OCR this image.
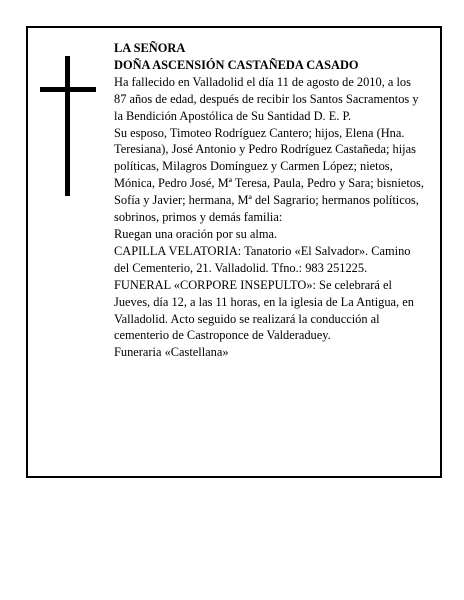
LA SEÑORA

DOÑA ASCENSIÓN CASTAÑEDA CASADO

Ha fallecido en Valladolid el día 11 de agosto de 2010, a los 87 años de edad, después de recibir los Santos Sacramentos y la Bendición Apostólica de Su Santidad D. E. P.

Su esposo, Timoteo Rodríguez Cantero; hijos, Elena (Hna. Teresiana), José Antonio y Pedro Rodríguez Castañeda; hijas políticas, Milagros Domínguez y Carmen López; nietos, Mónica, Pedro José, Mª Teresa, Paula, Pedro y Sara; bisnietos, Sofía y Javier; hermana, Mª del Sagrario; hermanos políticos, sobrinos, primos y demás familia:

Ruegan una oración por su alma.

CAPILLA VELATORIA: Tanatorio «El Salvador». Camino del Cementerio, 21. Valladolid. Tfno.: 983 251225.

FUNERAL «CORPORE INSEPULTO»: Se celebrará el Jueves, día 12, a las 11 horas, en la iglesia de La Antigua, en Valladolid. Acto seguido se realizará la conducción al cementerio de Castroponce de Valderaduey.

Funeraria «Castellana»
